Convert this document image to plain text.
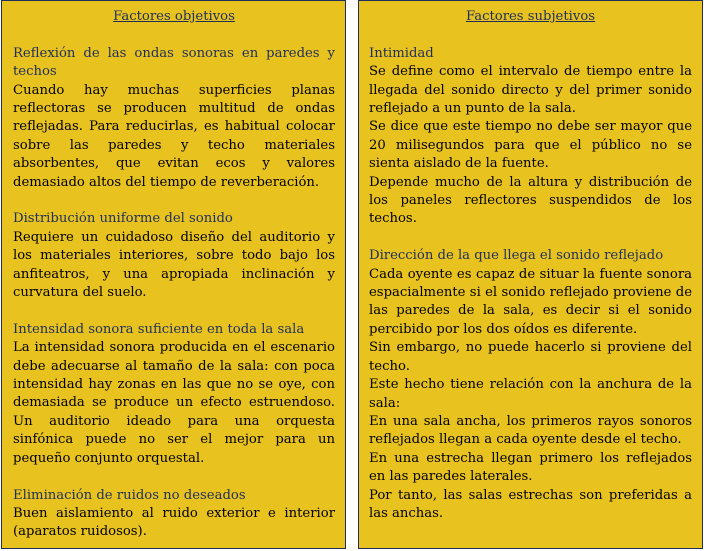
Factores objetivos
Reflexión de las ondas sonoras en paredes y techos

Cuando hay muchas superficies planas reflectoras se producen multitud de ondas reflejadas. Para reducirlas, es habitual colocar sobre las paredes y techo materiales absorbentes, que evitan ecos y valores demasiado altos del tiempo de reverberación.

Distribución uniforme del sonido

Requiere un cuidadoso diseño del auditorio y los materiales interiores, sobre todo bajo los anfiteatros, y una apropiada inclinación y curvatura del suelo.

Intensidad sonora suficiente en toda la sala

La intensidad sonora producida en el escenario debe adecuarse al tamaño de la sala: con poca intensidad hay zonas en las que no se oye, con demasiada se produce un efecto estruendoso. Un auditorio ideado para una orquesta sinfónica puede no ser el mejor para un pequeño conjunto orquestal.

Eliminación de ruidos no deseados

Buen aislamiento al ruido exterior e interior (aparatos ruidosos).

Factores subjetivos
Intimidad

Se define como el intervalo de tiempo entre la llegada del sonido directo y del primer sonido reflejado a un punto de la sala.

Se dice que este tiempo no debe ser mayor que 20 milisegundos para que el público no se sienta aislado de la fuente.

Depende mucho de la altura y distribución de los paneles reflectores suspendidos de los techos.

Dirección de la que llega el sonido reflejado

Cada oyente es capaz de situar la fuente sonora espacialmente si el sonido reflejado proviene de las paredes de la sala, es decir si el sonido percibido por los dos oídos es diferente.

Sin embargo, no puede hacerlo si proviene del techo.

Este hecho tiene relación con la anchura de la sala:

En una sala ancha, los primeros rayos sonoros reflejados llegan a cada oyente desde el techo.

En una estrecha llegan primero los reflejados en las paredes laterales.

Por tanto, las salas estrechas son preferidas a las anchas.
